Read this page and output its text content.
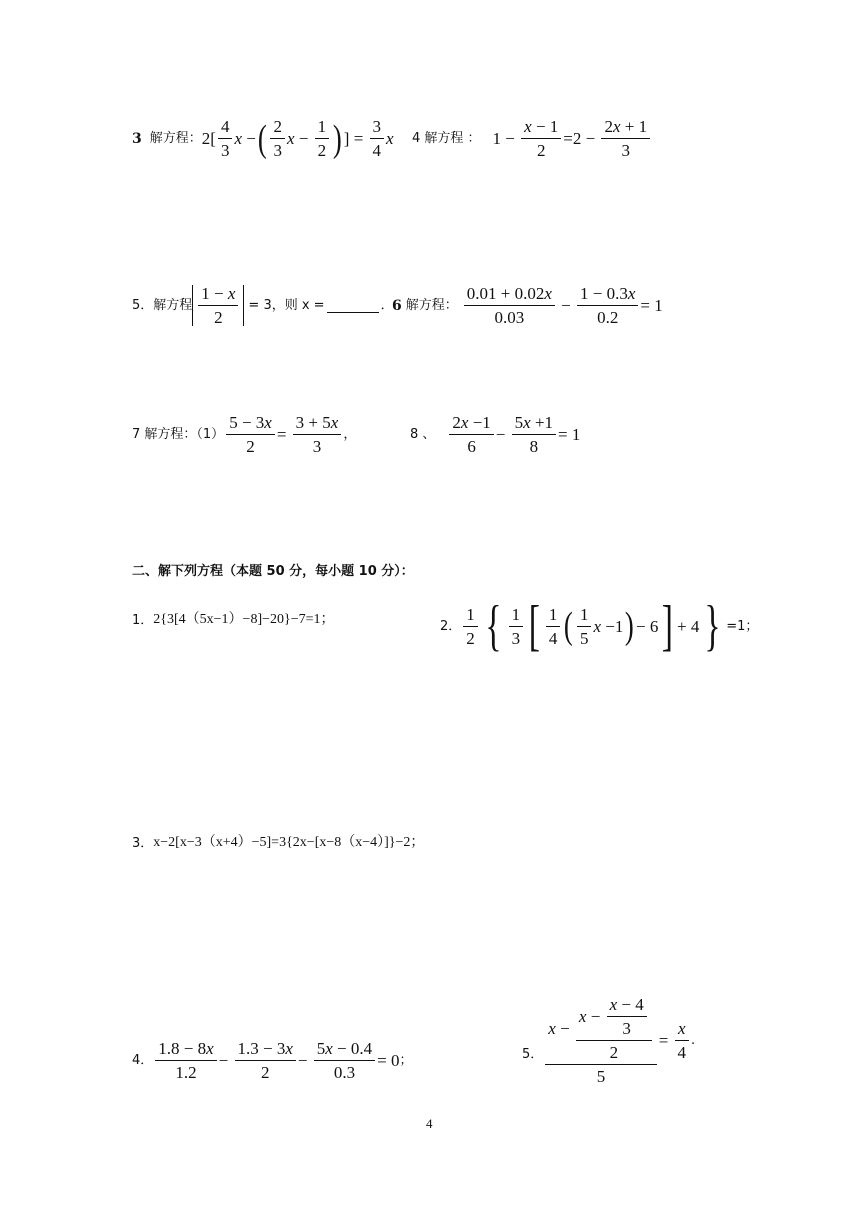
3 解方程： $2[ \frac{4}{3}$ x − ( $\frac{2}{3}$ $x - \frac{1}{2}$ ) ] = $\frac{3}{4}$ x 4 解方程 ： $1 - \frac{x - 1}{2} =2 - \frac{2x + 1}{3}$
5．解方程 $\frac{1 - x}{2} = 3$，则 x =	．
6 解方程： $\frac{0.01 + 0.02x}{0.03} - \frac{1 - 0.3x}{0.2} = 1$
7 解方程：$(1) \frac{5 - 3x}{2} = \frac{3 + 5x}{3}$ ，	8 、 $\frac{2x -1}{6} - \frac{5x +1}{8} = 1$
二、解下列方程（本题 50 分，每小题 10 分）：
1． 2{3[4（5x−1）−8]−20}−7=1；	2． $\frac{1}{2}$ { $\frac{1}{3}$ [ $\frac{1}{4}$ ( $\frac{1}{5}$ x −1 ) − 6 ] + 4 } =1；
3． x−2[x−3（x+4）−5]=3{2x−[x−8（x−4）]}−2；
4． $\frac{1.8 - 8x}{1.2} - \frac{1.3 - 3x}{2} - \frac{5x - 0.4}{0.3} = 0$ ；	5． $\frac{x - \frac{x - \frac{x - 4}{3}}{2}}{5} = \frac{x}{4}$ .
4
